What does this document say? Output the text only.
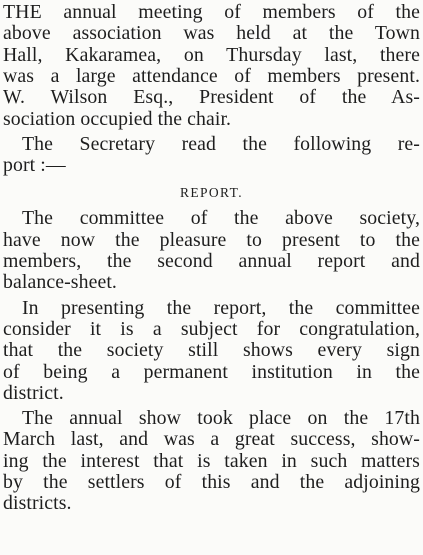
THE annual meeting of members of the
above association was held at the Town
Hall, Kakaramea, on Thursday last, there
was a large attendance of members present.
W. Wilson Esq., President of the As-
sociation occupied the chair.
The Secretary read the following re-
port :—
REPORT.
The committee of the above society,
have now the pleasure to present to the
members, the second annual report and
balance-sheet.
In presenting the report, the committee
consider it is a subject for congratulation,
that the society still shows every sign
of being a permanent institution in the
district.
The annual show took place on the 17th
March last, and was a great success, show-
ing the interest that is taken in such matters
by the settlers of this and the adjoining
districts.
